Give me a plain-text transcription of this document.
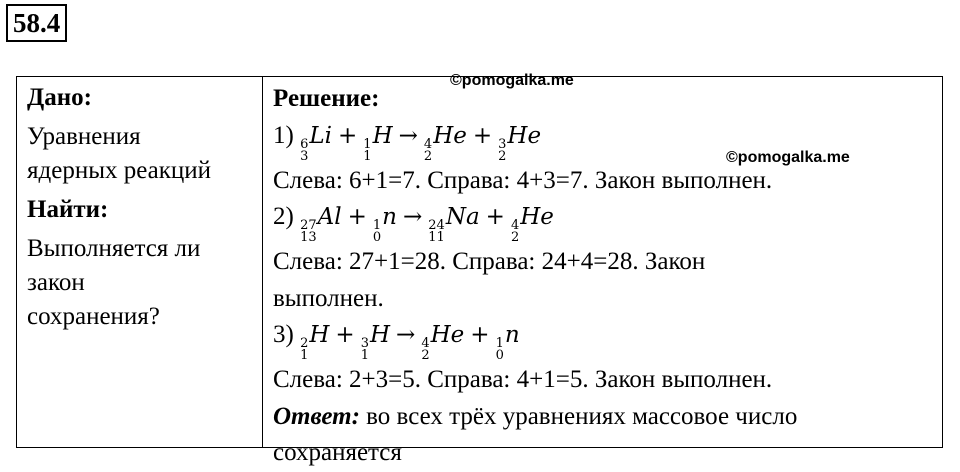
58.4
Дано:
Уравнения
ядерных реакций
Найти:
Выполняется ли
закон
сохранения?
Решение:
1) 6
3
Li + 1
1
H → 4
2
He + 3
2
He
Слева: 6+1=7. Справа: 4+3=7. Закон выполнен.
2) 27
13
Al + 1
0
n → 24
11
Na + 4
2
He
Слева: 27+1=28. Справа: 24+4=28. Закон
выполнен.
3) 2
1
H + 3
1
H → 4
2
He + 1
0
n
Слева: 2+3=5. Справа: 4+1=5. Закон выполнен.
Ответ: во всех трёх уравнениях массовое число
сохраняется
©pomogalka.me
©pomogalka.me
